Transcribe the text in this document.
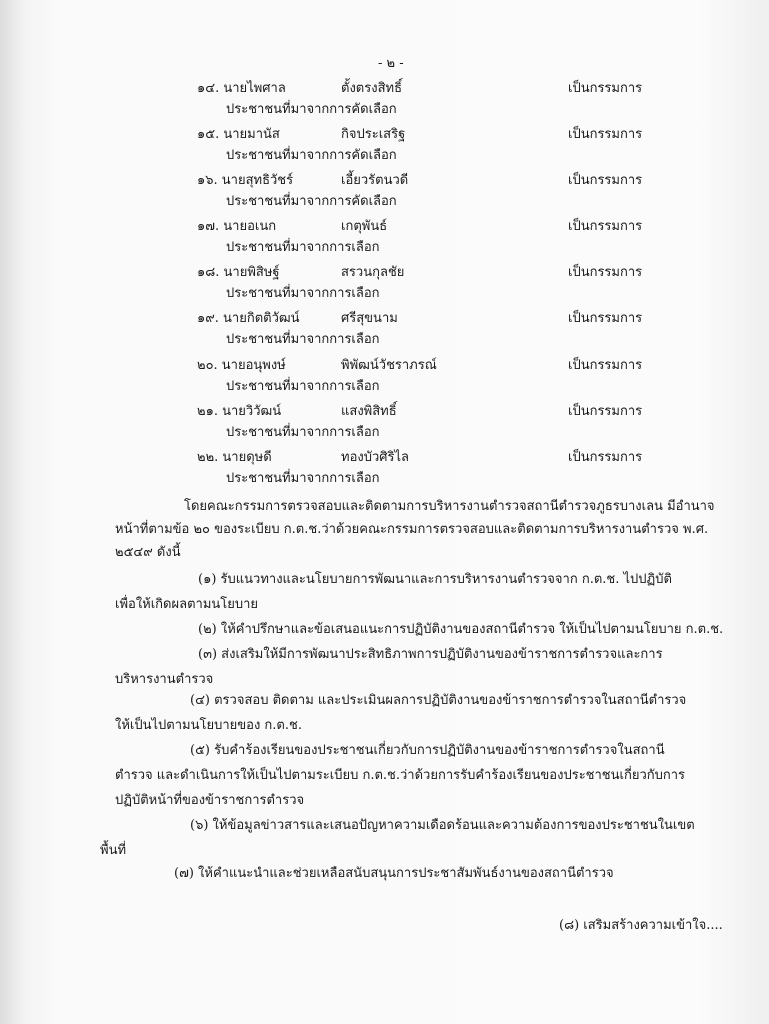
- ๒ -
๑๔. นายไพศาล	ตั้งตรงสิทธิ์	เป็นกรรมการ
ประชาชนที่มาจากการคัดเลือก
๑๕. นายมานัส	กิจประเสริฐ	เป็นกรรมการ
ประชาชนที่มาจากการคัดเลือก
๑๖. นายสุทธิวัชร์	เอี้ยวรัตนวดี	เป็นกรรมการ
ประชาชนที่มาจากการคัดเลือก
๑๗. นายอเนก	เกตุพันธ์	เป็นกรรมการ
ประชาชนที่มาจากการเลือก
๑๘. นายพิสิษฐ์	สรวนกุลชัย	เป็นกรรมการ
ประชาชนที่มาจากการเลือก
๑๙. นายกิตติวัฒน์	ศรีสุขนาม	เป็นกรรมการ
ประชาชนที่มาจากการเลือก
๒๐. นายอนุพงษ์	พิพัฒน์วัชราภรณ์	เป็นกรรมการ
ประชาชนที่มาจากการเลือก
๒๑. นายวิวัฒน์	แสงพิสิทธิ์	เป็นกรรมการ
ประชาชนที่มาจากการเลือก
๒๒. นายดุษดี	ทองบัวศิริไล	เป็นกรรมการ
ประชาชนที่มาจากการเลือก
โดยคณะกรรมการตรวจสอบและติดตามการบริหารงานตำรวจสถานีตำรวจภูธรบางเลน มีอำนาจ
หน้าที่ตามข้อ ๒๐ ของระเบียบ ก.ต.ช.ว่าด้วยคณะกรรมการตรวจสอบและติดตามการบริหารงานตำรวจ พ.ศ.
๒๕๔๙ ดังนี้
(๑) รับแนวทางและนโยบายการพัฒนาและการบริหารงานตำรวจจาก ก.ต.ช. ไปปฏิบัติ
เพื่อให้เกิดผลตามนโยบาย
(๒) ให้คำปรึกษาและข้อเสนอแนะการปฏิบัติงานของสถานีตำรวจ ให้เป็นไปตามนโยบาย ก.ต.ช.
(๓) ส่งเสริมให้มีการพัฒนาประสิทธิภาพการปฏิบัติงานของข้าราชการตำรวจและการ
บริหารงานตำรวจ
(๔) ตรวจสอบ ติดตาม และประเมินผลการปฏิบัติงานของข้าราชการตำรวจในสถานีตำรวจ
ให้เป็นไปตามนโยบายของ ก.ต.ช.
(๕) รับคำร้องเรียนของประชาชนเกี่ยวกับการปฏิบัติงานของข้าราชการตำรวจในสถานี
ตำรวจ และดำเนินการให้เป็นไปตามระเบียบ ก.ต.ช.ว่าด้วยการรับคำร้องเรียนของประชาชนเกี่ยวกับการ
ปฏิบัติหน้าที่ของข้าราชการตำรวจ
(๖) ให้ข้อมูลข่าวสารและเสนอปัญหาความเดือดร้อนและความต้องการของประชาชนในเขต
พื้นที่
(๗) ให้คำแนะนำและช่วยเหลือสนับสนุนการประชาสัมพันธ์งานของสถานีตำรวจ
(๘) เสริมสร้างความเข้าใจ....
